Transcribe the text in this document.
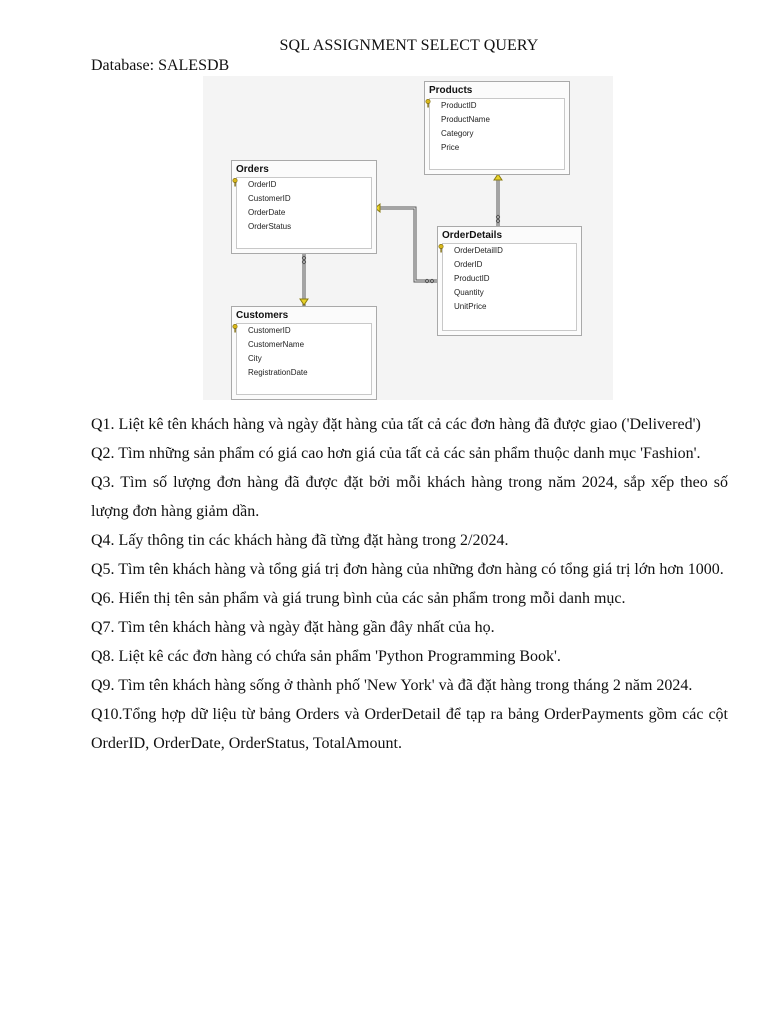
SQL ASSIGNMENT SELECT QUERY
Database: SALESDB
Products
ProductID
ProductName
Category
Price
Orders
OrderID
CustomerID
OrderDate
OrderStatus
OrderDetails
OrderDetailID
OrderID
ProductID
Quantity
UnitPrice
Customers
CustomerID
CustomerName
City
RegistrationDate

Q1. Liệt kê tên khách hàng và ngày đặt hàng của tất cả các đơn hàng đã được giao ('Delivered')

Q2. Tìm những sản phẩm có giá cao hơn giá của tất cả các sản phẩm thuộc danh mục 'Fashion'.

Q3. Tìm số lượng đơn hàng đã được đặt bởi mỗi khách hàng trong năm 2024, sắp xếp theo số lượng đơn hàng giảm dần.

Q4. Lấy thông tin các khách hàng đã từng đặt hàng trong 2/2024.

Q5. Tìm tên khách hàng và tổng giá trị đơn hàng của những đơn hàng có tổng giá trị lớn hơn 1000.

Q6. Hiển thị tên sản phẩm và giá trung bình của các sản phẩm trong mỗi danh mục.

Q7. Tìm tên khách hàng và ngày đặt hàng gần đây nhất của họ.

Q8. Liệt kê các đơn hàng có chứa sản phẩm 'Python Programming Book'.

Q9. Tìm tên khách hàng sống ở thành phố 'New York' và đã đặt hàng trong tháng 2 năm 2024.

Q10.Tổng hợp dữ liệu từ bảng Orders và OrderDetail để tạp ra bảng OrderPayments gồm các cột OrderID, OrderDate, OrderStatus, TotalAmount.
